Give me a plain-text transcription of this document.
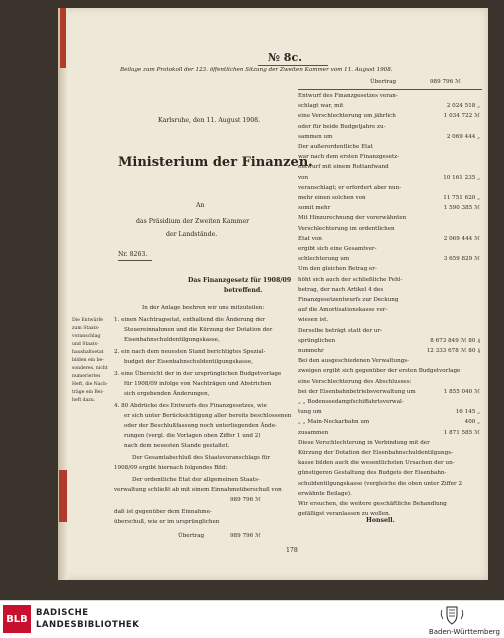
№ 8c.
Beilage zum Protokoll der 123. öffentlichen Sitzung der Zweiten Kammer vom 11. August 1908.
Karlsruhe, den 11. August 1908.
Ministerium der Finanzen.
An
das Präsidium der Zweiten Kammer
der Landstände.
Nr. 8263.
Das Finanzgesetz für 1908/09
betreffend.
In der Anlage beehren wir uns mitzuteilen:
1. einen Nachtragsetat, enthaltend die Änderung der
Steuereinnahmen und die Kürzung der Dotation der
Eisenbahnschuldentilgungskasse,
2. ein nach dem neuesten Stand berichtigtes Spezial-
budget der Eisenbahnschuldentilgungskasse,
3. eine Übersicht der in der ursprünglichen Budgetvorlage
für 1908/09 infolge von Nachträgen und Abstrichen
sich ergebenden Änderungen,
4. 80 Abdrücke des Entwurfs des Finanzgesetzes, wie
er sich unter Berücksichtigung aller bereits beschlossenen
oder der Beschlußfassung noch unterliegenden Ände-
rungen (vergl. die Vorlagen oben Ziffer 1 und 2)
nach dem neuesten Stande gestaltet.
Der Gesamtabschluß des Staatsvoranschlags für
1908/09 ergibt hiernach folgendes Bild:
Der ordentliche Etat der allgemeinen Staats-
verwaltung schließt ab mit einem Einnahmeüberschuß von
989 796 ℳ
daß ist gegenüber dem Einnahme-
überschuß, wie er im ursprünglichen
Übertrag	989 796 ℳ
Die Entwürfe
zum Staats-
voranschlag
und Staats-
haushaltsetat
bilden ein be-
sonderes, nicht
numeriertes
Heft, die Nach-
träge ein Bei-
heft dazu.
Übertrag	989 796 ℳ
Entwurf des Finanzgesetzes veran-
schlagt war, mit	2 024 518 „
eine Verschlechterung um jährlich	1 034 722 ℳ
oder für beide Budgetjahre zu-
sammen um	2 069 444 „
Der außerordentliche Etat
war nach dem ersten Finanzgesetz-
entwurf mit einem Rottanfwand
von	10 161 235 „
veranschlagt; er erfordert aber nun-
mehr einen solchen von	11 751 620 „
somit mehr	1 590 385 ℳ
Mit Hinzurechnung der vorerwähnten
Verschlechterung im ordentlichen
Etat von	2 069 444 ℳ
ergibt sich eine Gesamtver-
schlechterung um	3 659 829 ℳ
Um den gleichen Betrag er-
höht sich auch der schließliche Fehl-
betrag, der nach Artikel 4 des
Finanzgesetzentwurfs zur Deckung
auf die Amortisationskasse ver-
wiesen ist.
Derselbe beträgt statt der ur-
sprünglichen	8 673 849 ℳ 80 ₰
nunmehr	12 333 678 ℳ 80 ₰
Bei den ausgeschiedenen Verwaltungs-
zweigen ergibt sich gegenüber der ersten Budgetvorlage
eine Verschlechterung des Abschlusses:
bei der Eisenbahnbetriebsverwaltung um	1 855 040 ℳ
„ „ Bodenseedampfschiffahrtsverwal-
tung um	16 145 „
„ „ Main-Neckarbahn um	400 „
zusammen	1 871 585 ℳ
Diese Verschlechterung in Verbindung mit der
Kürzung der Dotation der Eisenbahnschuldentilgungs-
kasse bilden auch die wesentlichsten Ursachen der un-
günstigeren Gestaltung des Budgets der Eisenbahn-
schuldentilgungskasse (vergleiche die oben unter Ziffer 2
erwähnte Beilage).
Wir ersuchen, die weitere geschäftliche Behandlung
gefälligst veranlassen zu wollen.
Honsell.
178
BLB
BADISCHE
LANDESBIBLIOTHEK
Baden-Württemberg
